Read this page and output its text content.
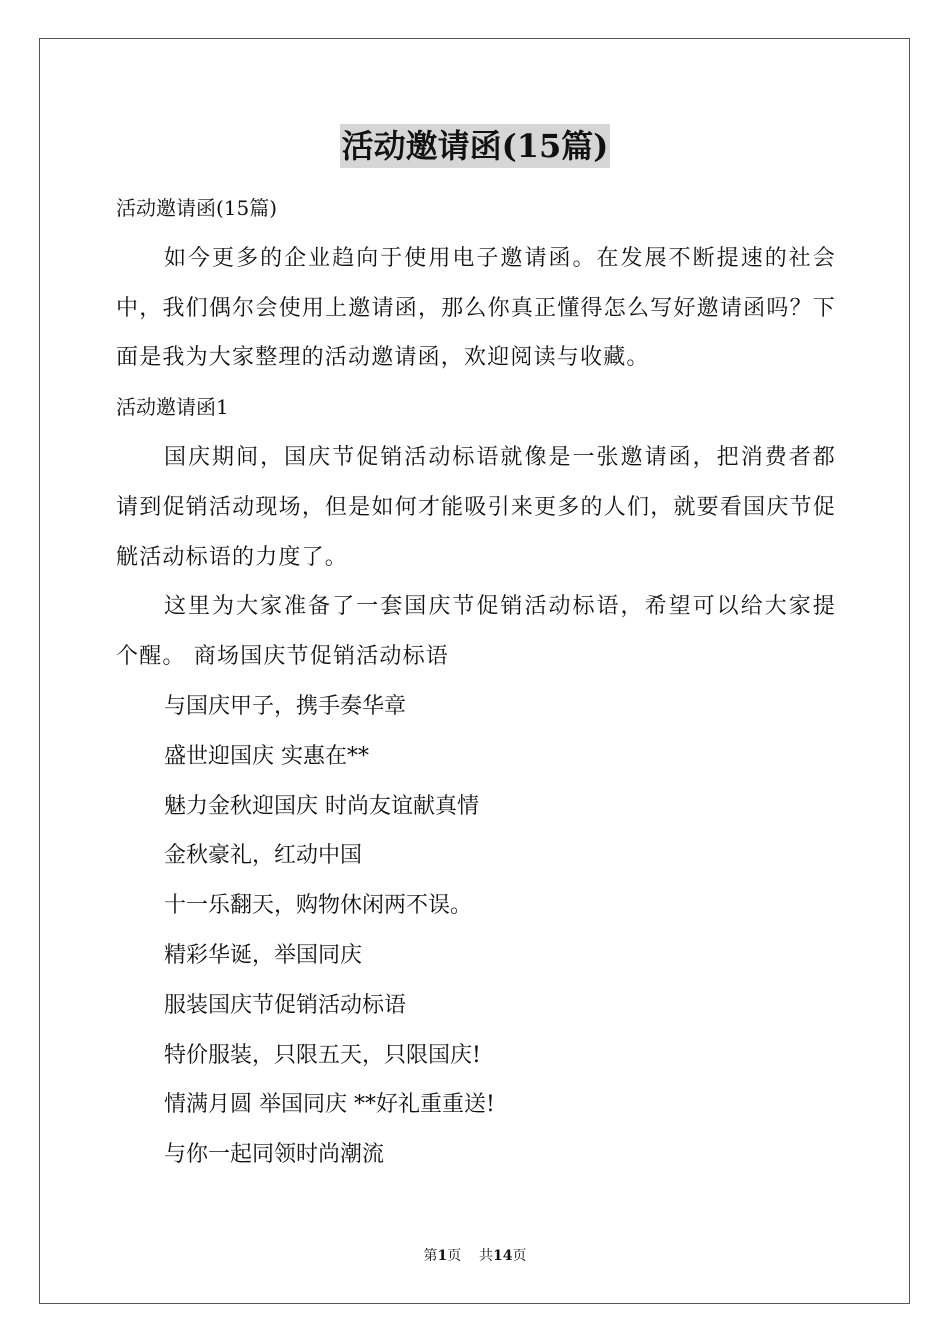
活动邀请函(15篇)

活动邀请函(15篇)

如今更多的企业趋向于使用电子邀请函。在发展不断提速的社会中，我们偶尔会使用上邀请函，那么你真正懂得怎么写好邀请函吗？下面是我为大家整理的活动邀请函，欢迎阅读与收藏。

活动邀请函1

国庆期间，国庆节促销活动标语就像是一张邀请函，把消费者都请到促销活动现场，但是如何才能吸引来更多的人们，就要看国庆节促觥活动标语的力度了。

这里为大家准备了一套国庆节促销活动标语，希望可以给大家提个醒。 商场国庆节促销活动标语

与国庆甲子，携手奏华章

盛世迎国庆 实惠在**

魅力金秋迎国庆 时尚友谊献真情

金秋豪礼，红动中国

十一乐翻天，购物休闲两不误。

精彩华诞，举国同庆

服装国庆节促销活动标语

特价服装，只限五天，只限国庆!

情满月圆 举国同庆 **好礼重重送!

与你一起同领时尚潮流

第1页 共14页
